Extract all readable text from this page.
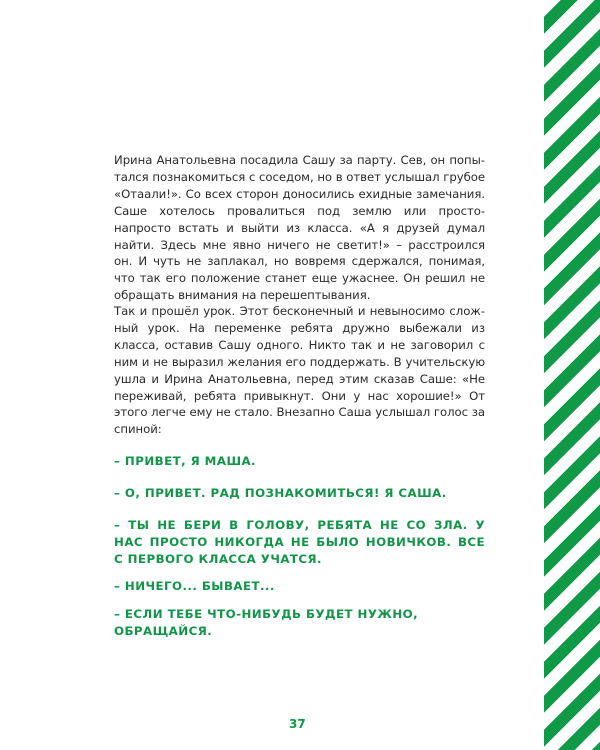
Ирина Анатольевна посадила Сашу за парту. Сев, он попытался познакомиться с соседом, но в ответ услышал грубое «Отаали!». Со всех сторон доносились ехидные замечания. Саше хотелось провалиться под землю или просто-напросто встать и выйти из класса. «А я друзей думал найти. Здесь мне явно ничего не светит!» – расстроился он. И чуть не заплакал, но вовремя сдержался, понимая, что так его положение станет еще ужаснее. Он решил не обращать внимания на перешептывания.

Так и прошёл урок. Этот бесконечный и невыносимо сложный урок. На переменке ребята дружно выбежали из класса, оставив Сашу одного. Никто так и не заговорил с ним и не выразил желания его поддержать. В учительскую ушла и Ирина Анатольевна, перед этим сказав Саше: «Не переживай, ребята привыкнут. Они у нас хорошие!» От этого легче ему не стало. Внезапно Саша услышал голос за спиной:

– ПРИВЕТ, Я МАША.

– О, ПРИВЕТ. РАД ПОЗНАКОМИТЬСЯ! Я САША.

– ТЫ НЕ БЕРИ В ГОЛОВУ, РЕБЯТА НЕ СО ЗЛА. У НАС ПРОСТО НИКОГДА НЕ БЫЛО НОВИЧКОВ. ВСЕ С ПЕРВОГО КЛАССА УЧАТСЯ.

– НИЧЕГО... БЫВАЕТ...

– ЕСЛИ ТЕБЕ ЧТО-НИБУДЬ БУДЕТ НУЖНО, ОБРАЩАЙСЯ.

37
